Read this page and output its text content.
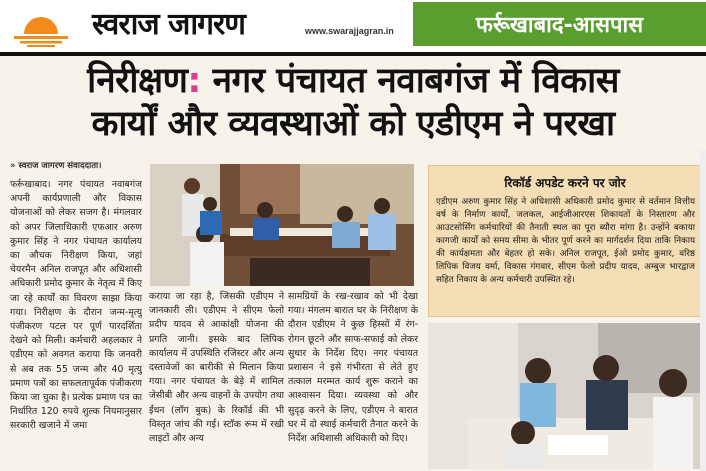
स्वराज जागरण	www.swarajjagran.in	फर्रूखाबाद-आसपास
निरीक्षण: नगर पंचायत नवाबगंज में विकास
कार्यों और व्यवस्थाओं को एडीएम ने परखा
» स्वराज जागरण संवाददाता।
फर्रूखाबाद। नगर पंचायत नवाबगंज अपनी कार्यप्रणाली और विकास योजनाओं को लेकर सजग है। मंगलवार को अपर जिलाधिकारी एफआर अरुण कुमार सिंह ने नगर पंचायत कार्यालय का औचक निरीक्षण किया, जहां चेयरमैन अनिल राजपूत और अधिशासी अधिकारी प्रमोद कुमार के नेतृत्व में किए जा रहे कार्यों का विवरण साझा किया गया। निरीक्षण के दौरान जन्म-मृत्यु पंजीकरण पटल पर पूर्ण पारदर्शिता देखने को मिली। कर्मचारी अहलकार ने एडीएम को अवगत कराया कि जनवरी से अब तक 55 जन्म और 40 मृत्यु प्रमाण पत्रों का सफलतापूर्वक पंजीकरण किया जा चुका है। प्रत्येक प्रमाण पत्र का निर्धारित 120 रुपये शुल्क नियमानुसार सरकारी खजाने में जमा
कराया जा रहा है, जिसकी एडीएम ने जानकारी ली। एडीएम ने सीएम फेलो प्रदीप यादव से आकांक्षी योजना की प्रगति जानी। इसके बाद लिपिक कार्यालय में उपस्थिति रजिस्टर और अन्य दस्तावेजों का बारीकी से मिलान किया गया। नगर पंचायत के बेड़े में शामिल जेसीबी और अन्य वाहनों के उपयोग तथा ईंधन (लॉग बुक) के रिकॉर्ड की भी विस्तृत जांच की गई। स्टॉक रूम में रखी लाइटों और अन्य
सामग्रियों के रख-रखाव को भी देखा गया। मंगलम बारात घर के निरीक्षण के दौरान एडीएम ने कुछ हिस्सों में रंग-रोगन छूटने और साफ-सफाई को लेकर सुधार के निर्देश दिए। नगर पंचायत प्रशासन ने इसे गंभीरता से लेते हुए तत्काल मरम्मत कार्य शुरू कराने का आश्वासन दिया। व्यवस्था को और सुदृढ़ करने के लिए, एडीएम ने बारात घर में दो स्थाई कर्मचारी तैनात करने के निर्देश अधिशासी अधिकारी को दिए।
रिकॉर्ड अपडेट करने पर जोर
एडीएम अरुण कुमार सिंह ने अधिशासी अधिकारी प्रमोद कुमार से वर्तमान वित्तीय वर्ष के निर्माण कार्यों, जलकल, आईजीआरएस शिकायतों के निस्तारण और आउटसोर्सिंग कर्मचारियों की तैनाती स्थल का पूरा ब्यौरा मांगा है। उन्होंने बकाया कागजी कार्यों को समय सीमा के भीतर पूर्ण करने का मार्गदर्शन दिया ताकि निकाय की कार्यक्षमता और बेहतर हो सके। अनिल राजपूत, ईओ प्रमोद कुमार, वरिष्ठ लिपिक विजय वर्मा, विकास गंगवार, सीएम फेलो प्रदीप यादव, अम्बुज भारद्वाज सहित निकाय के अन्य कर्मचारी उपस्थित रहे।
